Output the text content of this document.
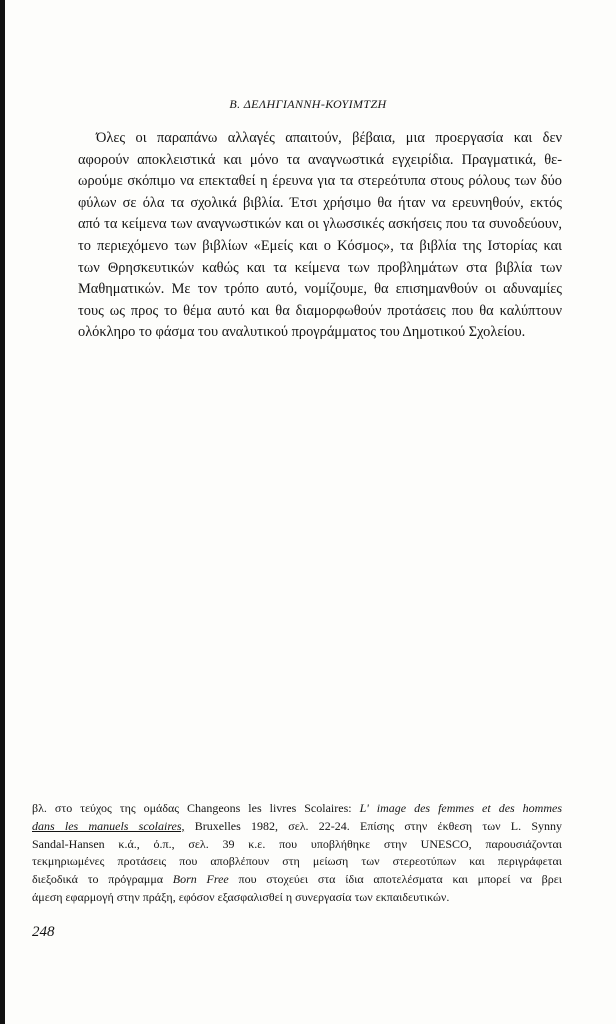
Β. ΔΕΛΗΓΙΑΝΝΗ-ΚΟΥΙΜΤΖΗ
Όλες οι παραπάνω αλλαγές απαιτούν, βέβαια, μια προεργασία και δεν
αφορούν αποκλειστικά και μόνο τα αναγνωστικά εγχειρίδια. Πραγματικά, θε-
ωρούμε σκόπιμο να επεκταθεί η έρευνα για τα στερεότυπα στους ρόλους των δύο
φύλων σε όλα τα σχολικά βιβλία. Έτσι χρήσιμο θα ήταν να ερευνηθούν, εκτός
από τα κείμενα των αναγνωστικών και οι γλωσσικές ασκήσεις που τα συνοδεύουν,
το περιεχόμενο των βιβλίων «Εμείς και ο Κόσμος», τα βιβλία της Ιστορίας και
των Θρησκευτικών καθώς και τα κείμενα των προβλημάτων στα βιβλία των
Μαθηματικών. Με τον τρόπο αυτό, νομίζουμε, θα επισημανθούν οι αδυναμίες
τους ως προς το θέμα αυτό και θα διαμορφωθούν προτάσεις που θα καλύπτουν
ολόκληρο το φάσμα του αναλυτικού προγράμματος του Δημοτικού Σχολείου.
βλ. στο τεύχος της ομάδας Changeons les livres Scolaires: L' image des femmes et des hommes
dans les manuels scolaires, Bruxelles 1982, σελ. 22-24. Επίσης στην έκθεση των L. Synny
Sandal-Hansen κ.ά., ό.π., σελ. 39 κ.ε. που υποβλήθηκε στην UNESCO, παρουσιάζονται
τεκμηριωμένες προτάσεις που αποβλέπουν στη μείωση των στερεοτύπων και περιγράφεται
διεξοδικά το πρόγραμμα Born Free που στοχεύει στα ίδια αποτελέσματα και μπορεί να βρει
άμεση εφαρμογή στην πράξη, εφόσον εξασφαλισθεί η συνεργασία των εκπαιδευτικών.
248
